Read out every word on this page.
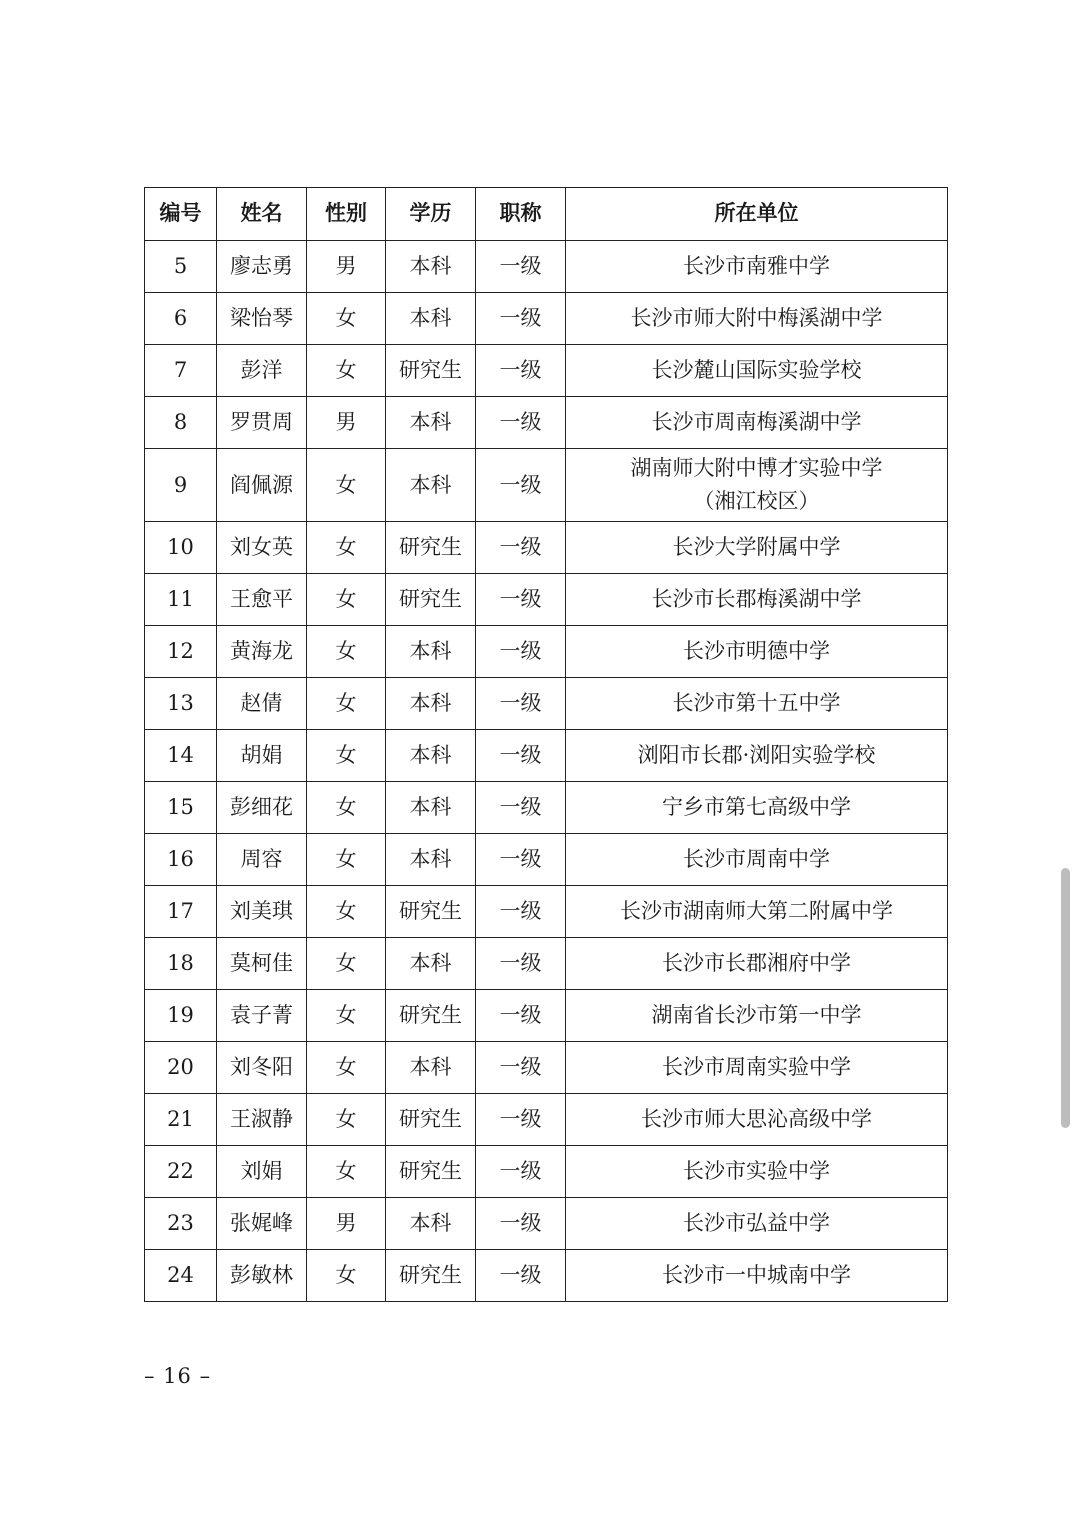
编号	姓名	性别	学历	职称	所在单位
5	廖志勇	男	本科	一级	长沙市南雅中学

6	梁怡琴	女	本科	一级	长沙市师大附中梅溪湖中学

7	彭洋	女	研究生	一级	长沙麓山国际实验学校

8	罗贯周	男	本科	一级	长沙市周南梅溪湖中学

9	阎佩源	女	本科	一级	湖南师大附中博才实验中学
（湘江校区）

10	刘女英	女	研究生	一级	长沙大学附属中学

11	王愈平	女	研究生	一级	长沙市长郡梅溪湖中学

12	黄海龙	女	本科	一级	长沙市明德中学

13	赵倩	女	本科	一级	长沙市第十五中学

14	胡娟	女	本科	一级	浏阳市长郡·浏阳实验学校

15	彭细花	女	本科	一级	宁乡市第七高级中学

16	周容	女	本科	一级	长沙市周南中学

17	刘美琪	女	研究生	一级	长沙市湖南师大第二附属中学

18	莫柯佳	女	本科	一级	长沙市长郡湘府中学

19	袁子菁	女	研究生	一级	湖南省长沙市第一中学

20	刘冬阳	女	本科	一级	长沙市周南实验中学

21	王淑静	女	研究生	一级	长沙市师大思沁高级中学

22	刘娟	女	研究生	一级	长沙市实验中学

23	张娓峰	男	本科	一级	长沙市弘益中学

24	彭敏林	女	研究生	一级	长沙市一中城南中学
– 16 –
